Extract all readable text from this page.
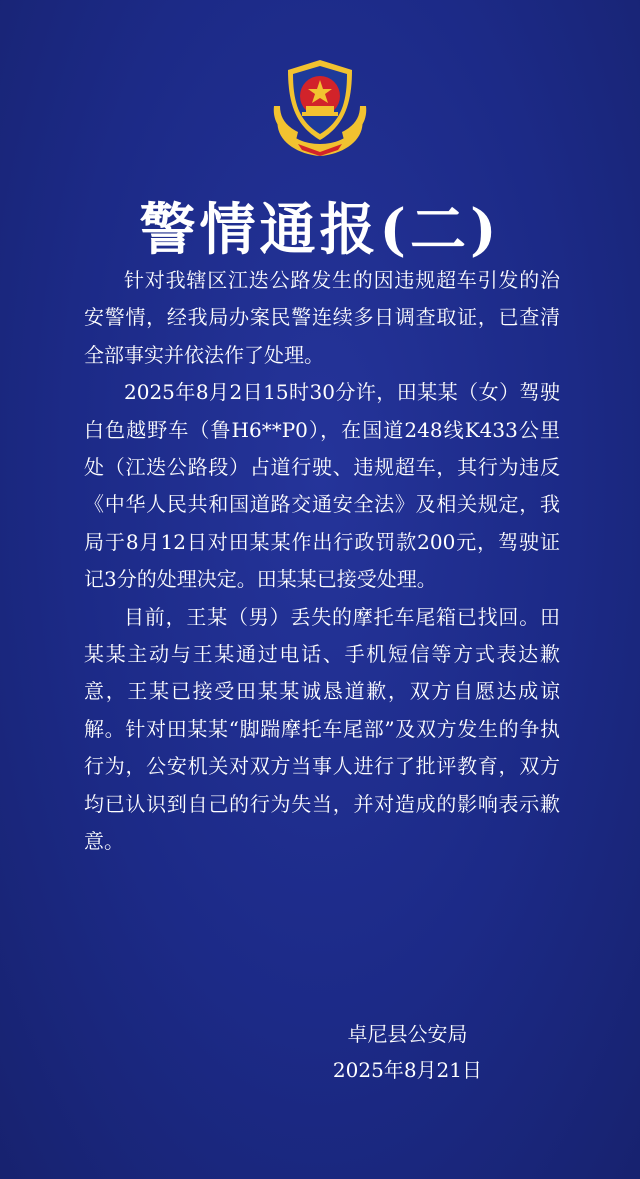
警情通报(二)

针对我辖区江迭公路发生的因违规超车引发的治安警情，经我局办案民警连续多日调查取证，已查清全部事实并依法作了处理。

2025年8月2日15时30分许，田某某（女）驾驶白色越野车（鲁H6**P0），在国道248线K433公里处（江迭公路段）占道行驶、违规超车，其行为违反《中华人民共和国道路交通安全法》及相关规定，我局于8月12日对田某某作出行政罚款200元，驾驶证记3分的处理决定。田某某已接受处理。

目前，王某（男）丢失的摩托车尾箱已找回。田某某主动与王某通过电话、手机短信等方式表达歉意，王某已接受田某某诚恳道歉，双方自愿达成谅解。针对田某某“脚踹摩托车尾部”及双方发生的争执行为，公安机关对双方当事人进行了批评教育，双方均已认识到自己的行为失当，并对造成的影响表示歉意。

卓尼县公安局
2025年8月21日
